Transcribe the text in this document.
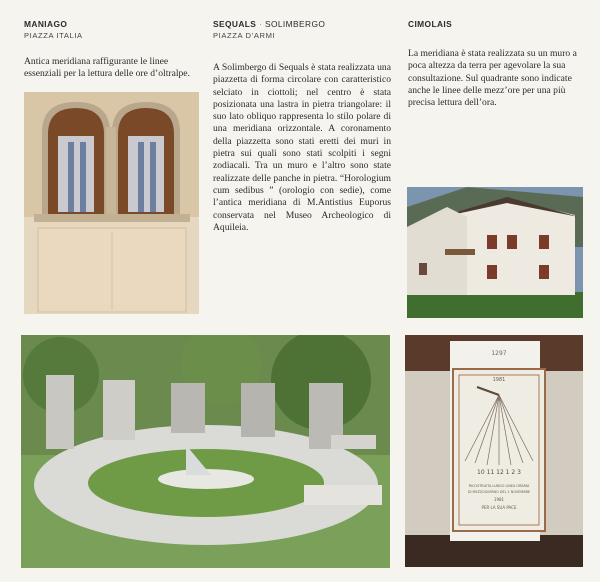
MANIAGO
PIAZZA ITALIA
Antica meridiana raffigurante le linee essenziali per la lettura delle ore d’oltralpe.
SEQUALS · SOLIMBERGO
PIAZZA D’ARMI
A Solimbergo di Sequals è stata realizzata una piazzetta di forma circolare con caratteristico selciato in ciottoli; nel centro è stata posizionata una lastra in pietra triangolare: il suo lato obliquo rappresenta lo stilo polare di una meridiana orizzontale. A coronamento della piazzetta sono stati eretti dei muri in pietra sui quali sono stati scolpiti i segni zodiacali. Tra un muro e l’altro sono state realizzate delle panche in pietra. “Horologium cum sedibus ” (orologio con sedie), come l’antica meridiana di M.Antistius Euporus conservata nel Museo Archeologico di Aquileia.
CIMOLAIS
La meridiana è stata realizzata su un muro a poca altezza da terra per agevolare la sua consultazione. Sul quadrante sono indicate anche le linee delle mezz’ore per una più precisa lettura dell’ora.
1297
1981
10 11 12 1 2 3
RICOSTRUITA LUNGO LINEA ORARIA
DI MEZZOGIORNO DEL 1 NOVEMBRE
1981
PER LA SUA PACE
